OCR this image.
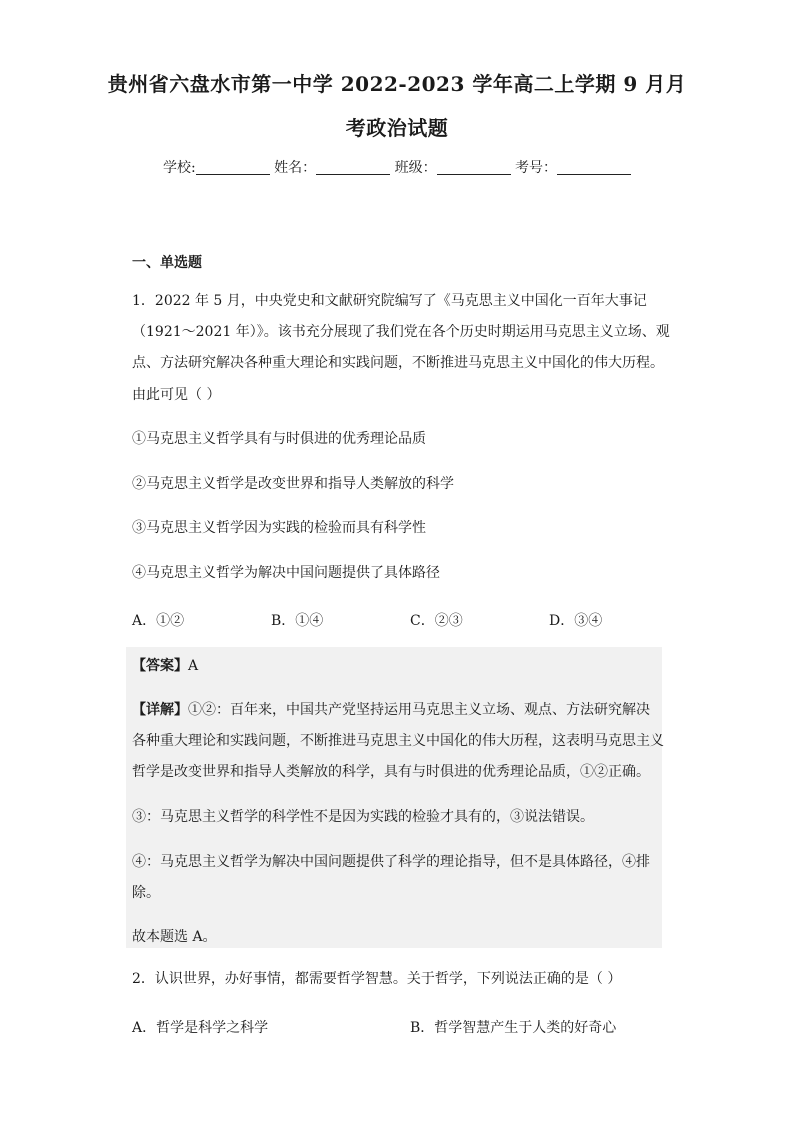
贵州省六盘水市第一中学 2022-2023 学年高二上学期 9 月月
考政治试题
学校:	姓名：	班级：	考号：
一、单选题
1．2022 年 5 月，中央党史和文献研究院编写了《马克思主义中国化一百年大事记
（1921～2021 年）》。该书充分展现了我们党在各个历史时期运用马克思主义立场、观
点、方法研究解决各种重大理论和实践问题，不断推进马克思主义中国化的伟大历程。
由此可见（ ）
①马克思主义哲学具有与时俱进的优秀理论品质
②马克思主义哲学是改变世界和指导人类解放的科学
③马克思主义哲学因为实践的检验而具有科学性
④马克思主义哲学为解决中国问题提供了具体路径
A．①②	B．①④	C．②③	D．③④
【答案】A
【详解】①②：百年来，中国共产党坚持运用马克思主义立场、观点、方法研究解决
各种重大理论和实践问题，不断推进马克思主义中国化的伟大历程，这表明马克思主义
哲学是改变世界和指导人类解放的科学，具有与时俱进的优秀理论品质，①②正确。
③：马克思主义哲学的科学性不是因为实践的检验才具有的，③说法错误。
④：马克思主义哲学为解决中国问题提供了科学的理论指导，但不是具体路径，④排
除。
故本题选 A。
2．认识世界，办好事情，都需要哲学智慧。关于哲学，下列说法正确的是（ ）
A．哲学是科学之科学	B．哲学智慧产生于人类的好奇心
